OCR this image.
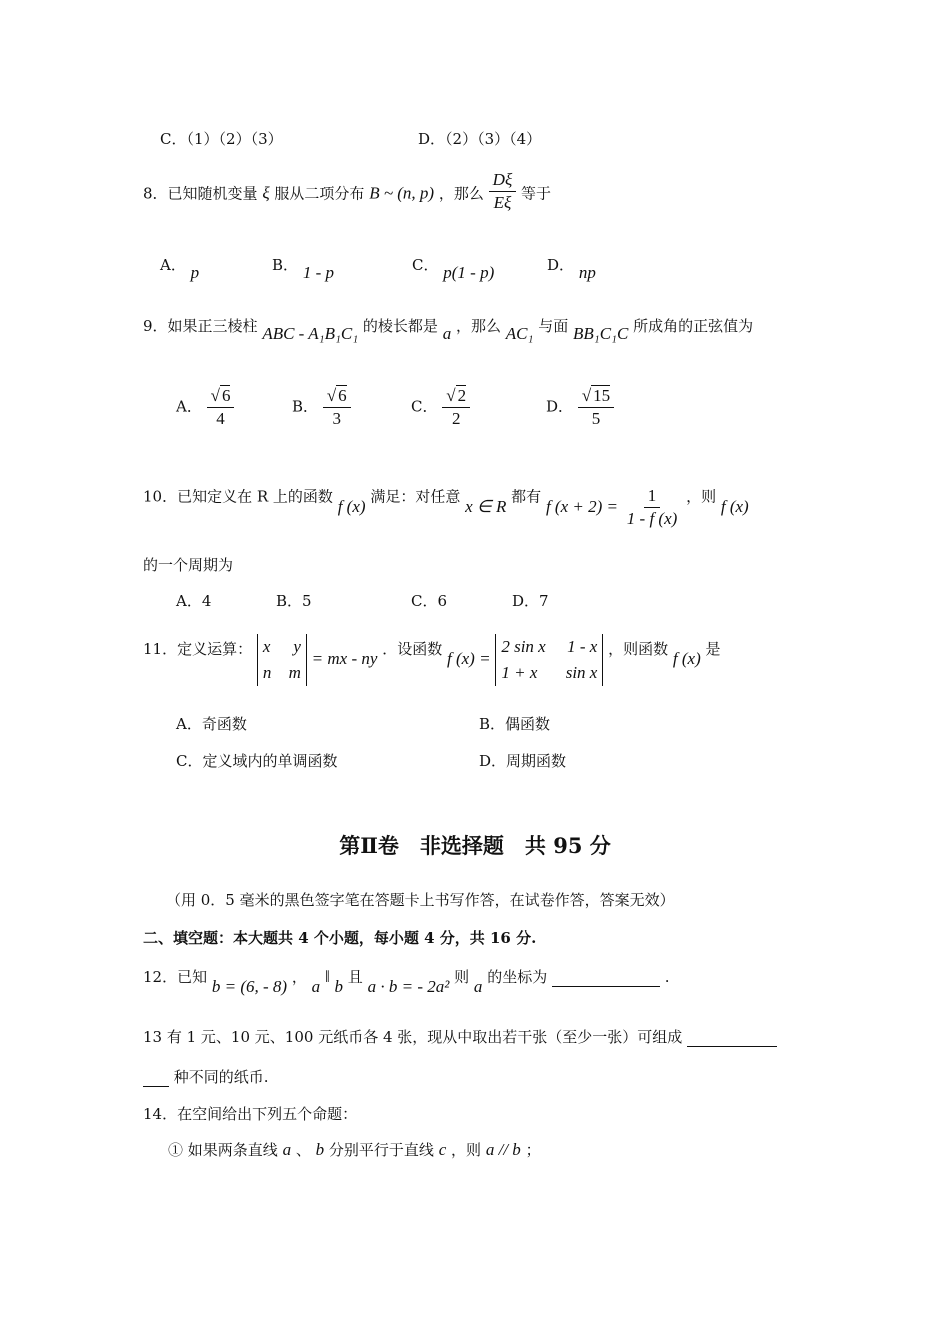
C．（1）（2）（3）	D．（2）（3）（4）
8．已知随机变量 ξ 服从二项分布 B ~ (n, p) ，那么 $\frac{D\xi}{E\xi}$ 等于
A． p	B． 1 - p	C． p(1 - p)	D． np
9．如果正三棱柱 ABC - A₁B₁C₁ 的棱长都是 a ，那么 AC₁ 与面 BB₁C₁C 所成角的正弦值为
A． $\frac{√ 6}{4}$	B． $\frac{√ 6}{3}$	C． $\frac{√ 2}{2}$	D． $\frac{√ 15}{5}$
10．已知定义在 R 上的函数 f (x) 满足：对任意 x ∈ R 都有 f $(x + 2) = \frac{1}{1 - f (x)}$ ，则 f (x)
的一个周期为
A．4	B．5	C．6	D．7
11．定义运算： x y
n m
= mx - ny ．设函数 f (x) =
2 sin x 1 - x
1 + x sin x
，则函数 f (x) 是
A．奇函数	B．偶函数
C．定义域内的单调函数	D．周期函数
第Ⅱ卷　非选择题　共 95 分
（用 0．5 毫米的黑色签字笔在答题卡上书写作答，在试卷作答，答案无效）
二、填空题：本大题共 4 个小题，每小题 4 分，共 16 分.
12．已知 b = (6, - 8) ， a ‖ b 且 a · b = - 2a² 则 a 的坐标为	.
13 有 1 元、10 元、100 元纸币各 4 张，现从中取出若干张（至少一张）可组成
种不同的纸币.
14．在空间给出下列五个命题：
① 如果两条直线 a 、 b 分别平行于直线 c ，则 a // b ；
